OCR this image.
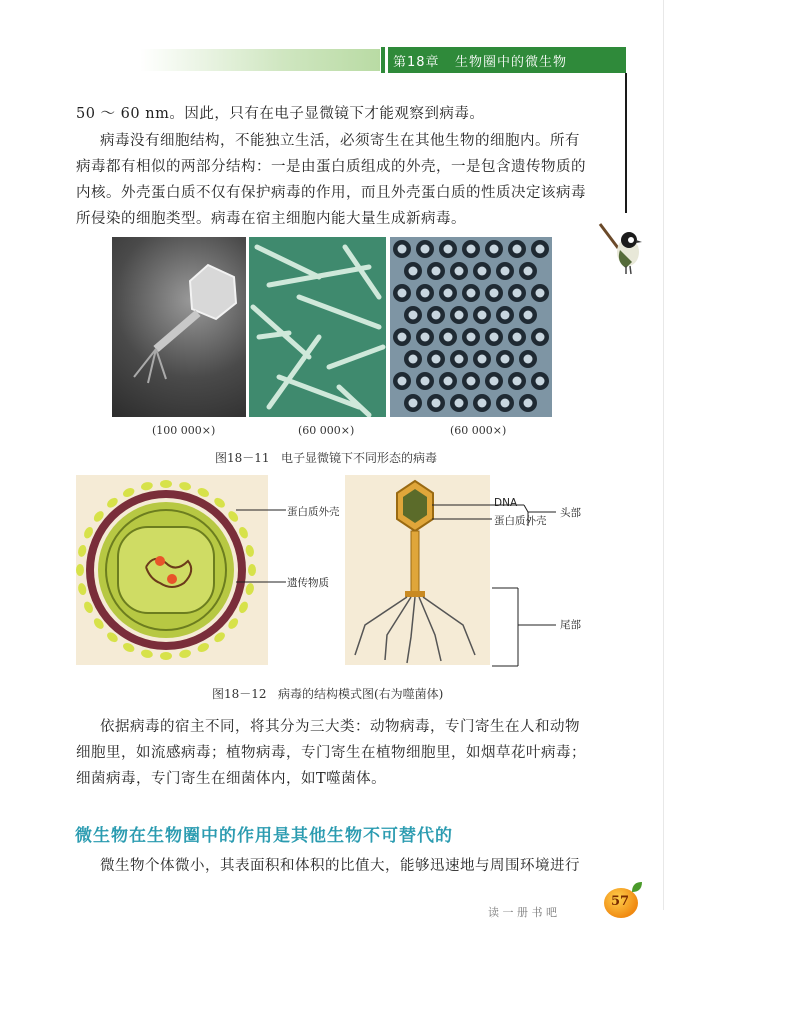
第18章   生物圈中的微生物
50 ～ 60 nm。因此，只有在电子显微镜下才能观察到病毒。
病毒没有细胞结构，不能独立生活，必须寄生在其他生物的细胞内。所有
病毒都有相似的两部分结构：一是由蛋白质组成的外壳，一是包含遗传物质的
内核。外壳蛋白质不仅有保护病毒的作用，而且外壳蛋白质的性质决定该病毒
所侵染的细胞类型。病毒在宿主细胞内能大量生成新病毒。
(100 000×)	(60 000×)	(60 000×)
图18－11   电子显微镜下不同形态的病毒
蛋白质外壳
遗传物质
DNA
蛋白质外壳
头部
尾部
图18－12   病毒的结构模式图(右为噬菌体)
依据病毒的宿主不同，将其分为三大类：动物病毒，专门寄生在人和动物
细胞里，如流感病毒；植物病毒，专门寄生在植物细胞里，如烟草花叶病毒；
细菌病毒，专门寄生在细菌体内，如T噬菌体。
微生物在生物圈中的作用是其他生物不可替代的
微生物个体微小，其表面积和体积的比值大，能够迅速地与周围环境进行
读 一 册 书 吧
57
